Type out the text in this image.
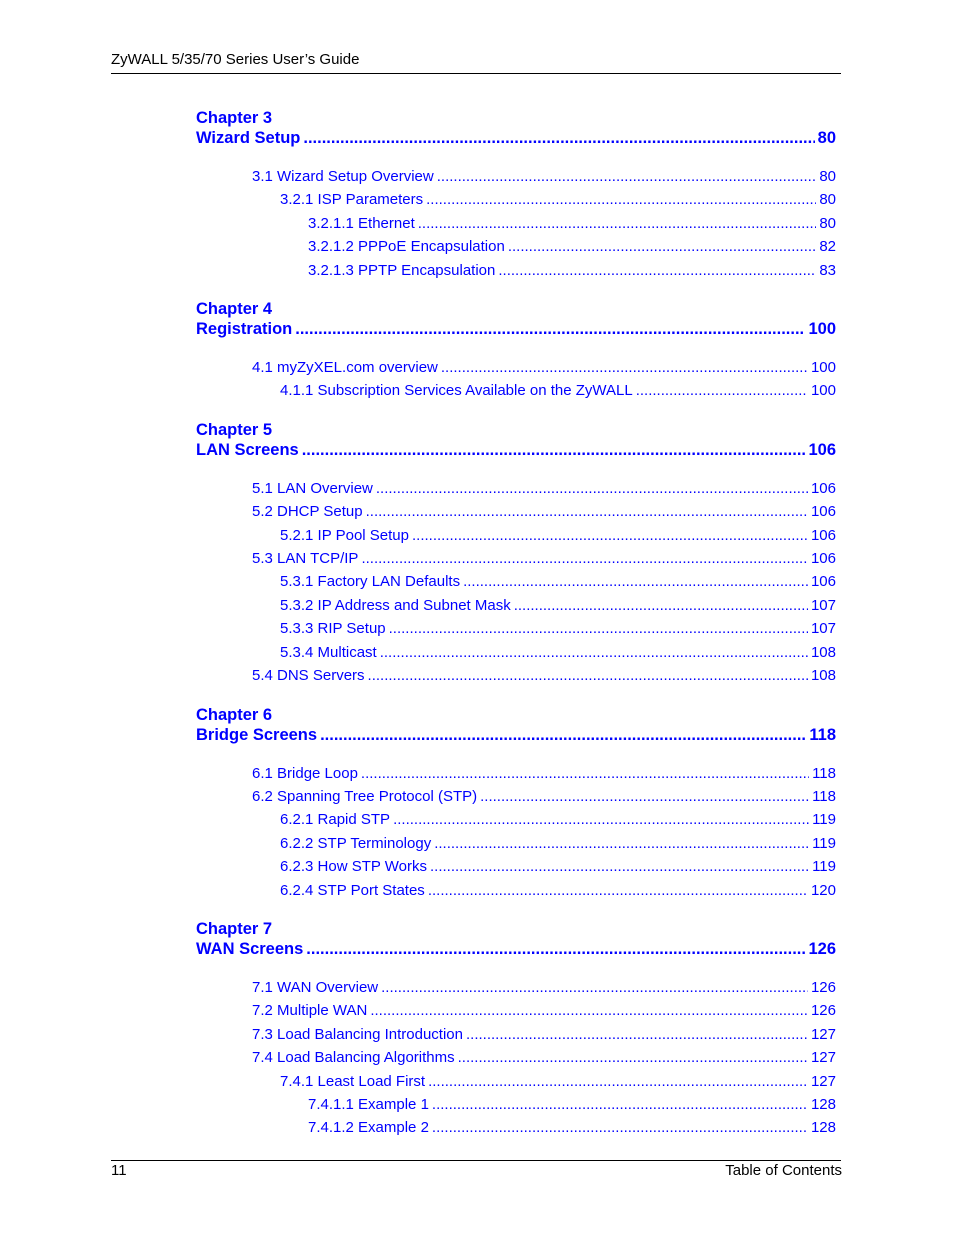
ZyWALL 5/35/70 Series User’s Guide
Chapter 3
Wizard Setup .....	80
3.1 Wizard Setup Overview .....	80
3.2.1 ISP Parameters .....	80
3.2.1.1 Ethernet .....	80
3.2.1.2 PPPoE Encapsulation .....	82
3.2.1.3 PPTP Encapsulation .....	83
Chapter 4
Registration .....	100
4.1 myZyXEL.com overview .....	100
4.1.1 Subscription Services Available on the ZyWALL .....	100
Chapter 5
LAN Screens .....	106
5.1 LAN Overview .....	106
5.2 DHCP Setup .....	106
5.2.1 IP Pool Setup .....	106
5.3 LAN TCP/IP .....	106
5.3.1 Factory LAN Defaults .....	106
5.3.2 IP Address and Subnet Mask .....	107
5.3.3 RIP Setup .....	107
5.3.4 Multicast .....	108
5.4 DNS Servers .....	108
Chapter 6
Bridge Screens .....	118
6.1 Bridge Loop .....	118
6.2 Spanning Tree Protocol (STP) .....	118
6.2.1 Rapid STP .....	119
6.2.2 STP Terminology .....	119
6.2.3 How STP Works .....	119
6.2.4 STP Port States .....	120
Chapter 7
WAN Screens .....	126
7.1 WAN Overview .....	126
7.2 Multiple WAN .....	126
7.3 Load Balancing Introduction .....	127
7.4 Load Balancing Algorithms .....	127
7.4.1 Least Load First .....	127
7.4.1.1 Example 1 .....	128
7.4.1.2 Example 2 .....	128
11	Table of Contents
